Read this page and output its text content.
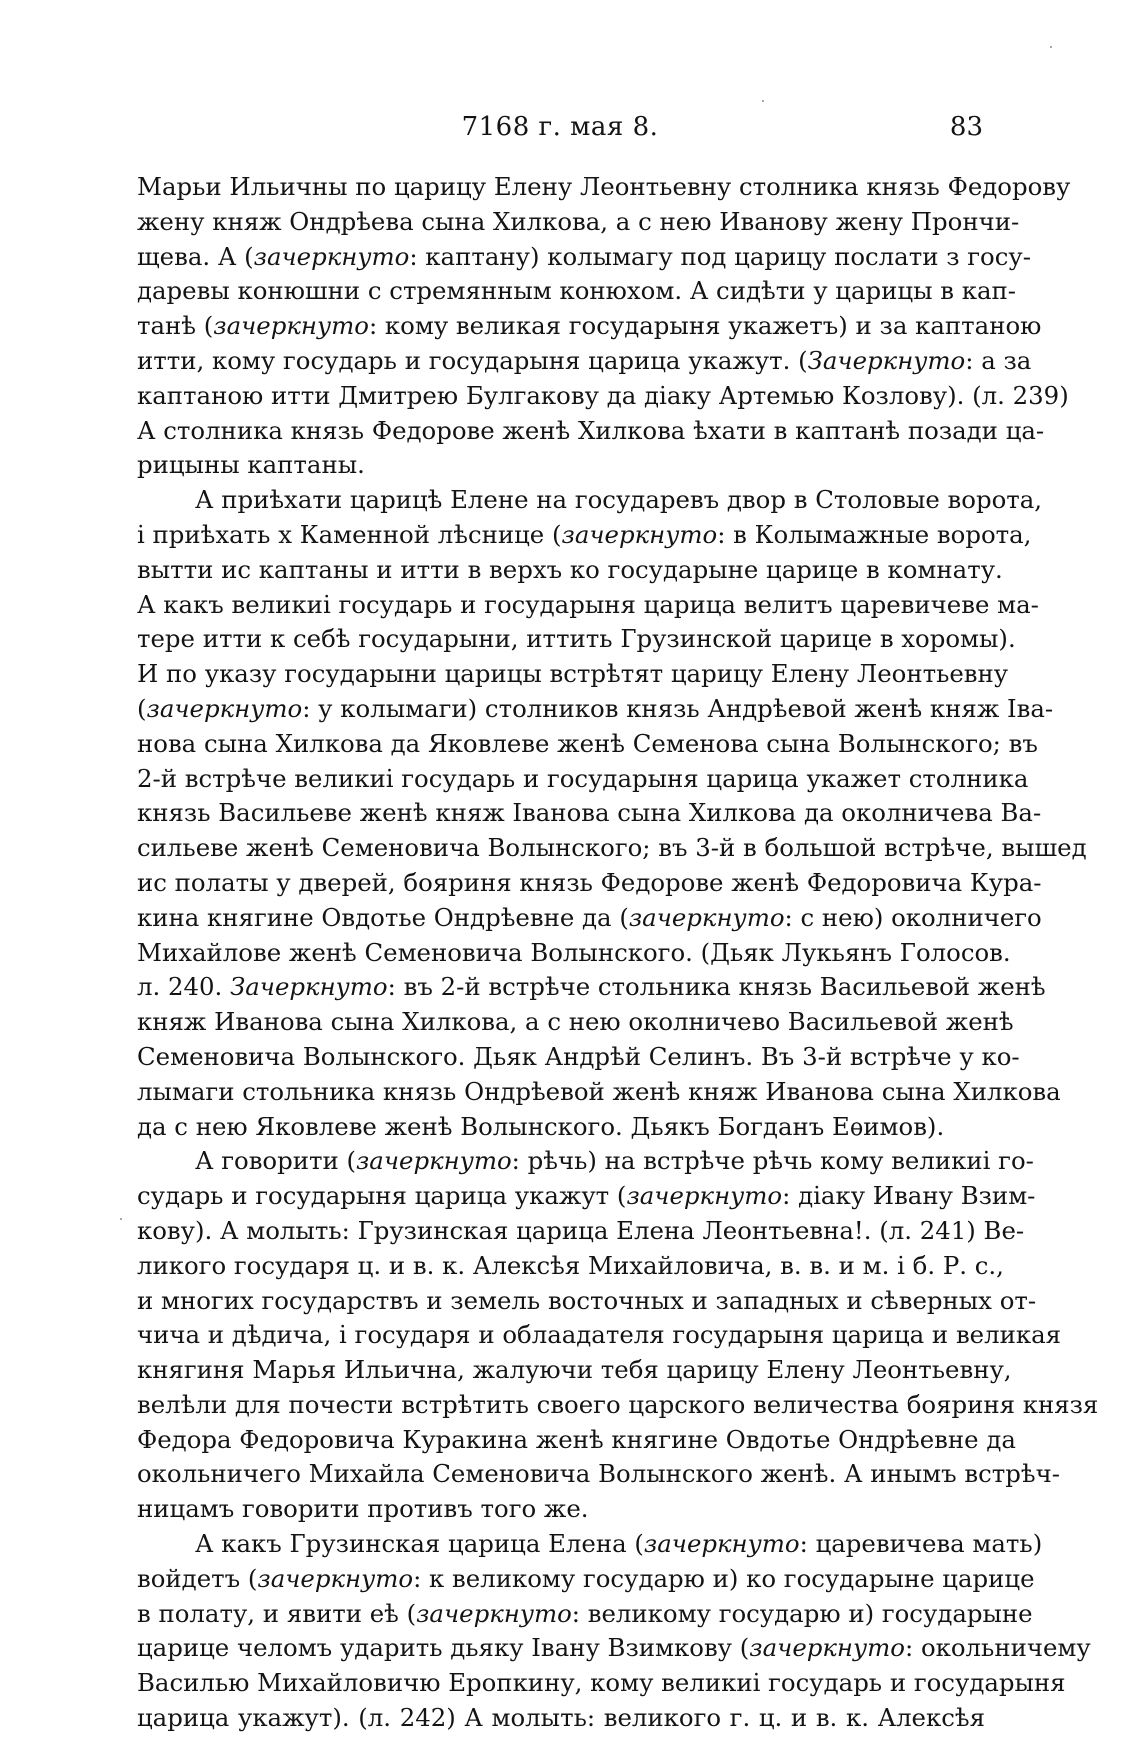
7168 г. мая 8.	83
Марьи Ильичны по царицу Елену Леонтьевну столника князь Федорову
жену княж Ондрѣева сына Хилкова, а с нею Иванову жену Прончи-
щева. А (зачеркнуто: каптану) колымагу под царицу послати з госу-
даревы конюшни с стремянным конюхом. А сидѣти у царицы в кап-
танѣ (зачеркнуто: кому великая государыня укажетъ) и за каптаною
итти, кому государь и государыня царица укажут. (Зачеркнуто: а за
каптаною итти Дмитрею Булгакову да діаку Артемью Козлову). (л. 239)
А столника князь Федорове женѣ Хилкова ѣхати в каптанѣ позади ца-
рицыны каптаны.
А приѣхати царицѣ Елене на государевъ двор в Столовые ворота,
і приѣхать х Каменной лѣснице (зачеркнуто: в Колымажные ворота,
вытти ис каптаны и итти в верхъ ко государыне царице в комнату.
А какъ великиі государь и государыня царица велитъ царевичеве ма-
тере итти к себѣ государыни, иттить Грузинской царице в хоромы).
И по указу государыни царицы встрѣтят царицу Елену Леонтьевну
(зачеркнуто: у колымаги) столников князь Андрѣевой женѣ княж Іва-
нова сына Хилкова да Яковлеве женѣ Семенова сына Волынского; въ
2-й встрѣче великиі государь и государыня царица укажет столника
князь Васильеве женѣ княж Іванова сына Хилкова да околничева Ва-
сильеве женѣ Семеновича Волынского; въ 3-й в большой встрѣче, вышед
ис полаты у дверей, бояриня князь Федорове женѣ Федоровича Кура-
кина княгине Овдотье Ондрѣевне да (зачеркнуто: с нею) околничего
Михайлове женѣ Семеновича Волынского. (Дьяк Лукьянъ Голосов.
л. 240. Зачеркнуто: въ 2-й встрѣче стольника князь Васильевой женѣ
княж Иванова сына Хилкова, а с нею околничево Васильевой женѣ
Семеновича Волынского. Дьяк Андрѣй Селинъ. Въ 3-й встрѣче у ко-
лымаги стольника князь Ондрѣевой женѣ княж Иванова сына Хилкова
да с нею Яковлеве женѣ Волынского. Дьякъ Богданъ Еѳимов).
А говорити (зачеркнуто: рѣчь) на встрѣче рѣчь кому великиі го-
сударь и государыня царица укажут (зачеркнуто: діаку Ивану Взим-
кову). А молыть: Грузинская царица Елена Леонтьевна!. (л. 241) Ве-
ликого государя ц. и в. к. Алексѣя Михайловича, в. в. и м. і б. Р. с.,
и многих государствъ и земель восточных и западных и сѣверных от-
чича и дѣдича, і государя и облаадателя государыня царица и великая
княгиня Марья Ильична, жалуючи тебя царицу Елену Леонтьевну,
велѣли для почести встрѣтить своего царского величества бояриня князя
Федора Федоровича Куракина женѣ княгине Овдотье Ондрѣевне да
окольничего Михайла Семеновича Волынского женѣ. А инымъ встрѣч-
ницамъ говорити противъ того же.
А какъ Грузинская царица Елена (зачеркнуто: царевичева мать)
войдетъ (зачеркнуто: к великому государю и) ко государыне царице
в полату, и явити еѣ (зачеркнуто: великому государю и) государыне
царице челомъ ударить дьяку Івану Взимкову (зачеркнуто: окольничему
Василью Михайловичю Еропкину, кому великиі государь и государыня
царица укажут). (л. 242) А молыть: великого г. ц. и в. к. Алексѣя
